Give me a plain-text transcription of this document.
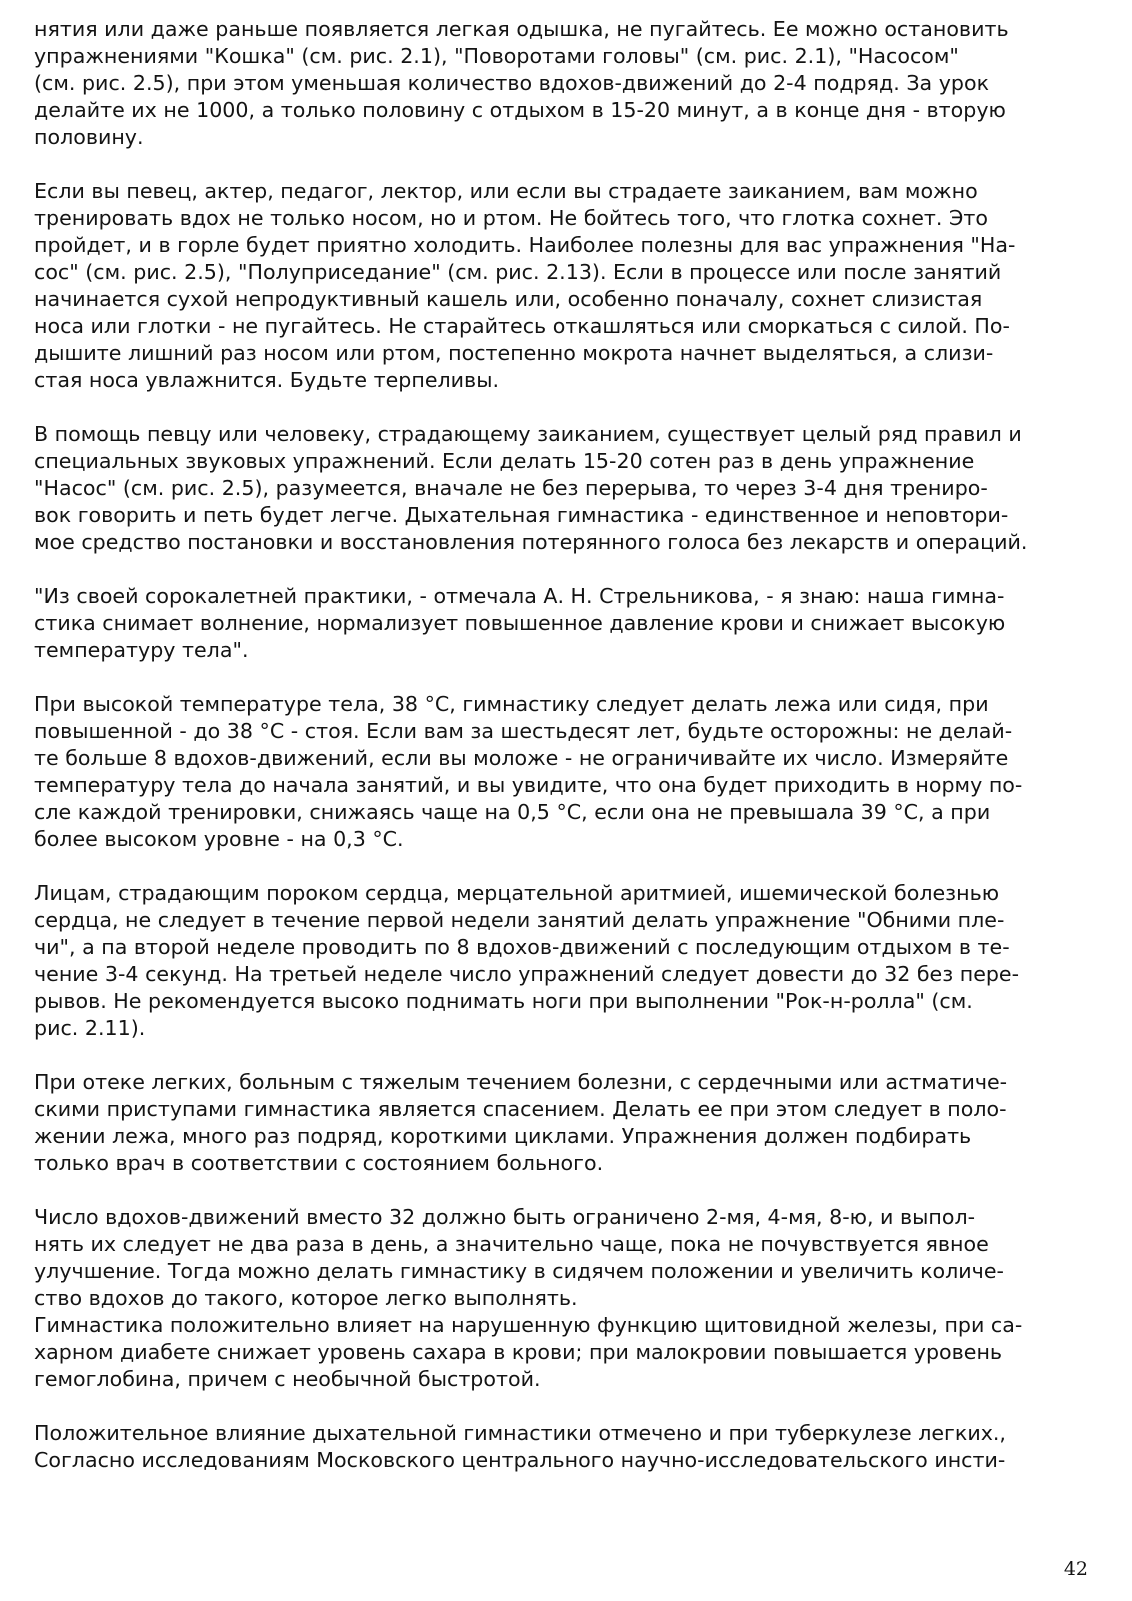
нятия или даже раньше появляется легкая одышка, не пугайтесь. Ее можно остановить
упражнениями "Кошка" (см. рис. 2.1), "Поворотами головы" (см. рис. 2.1), "Насосом"
(см. рис. 2.5), при этом уменьшая количество вдохов-движений до 2-4 подряд. За урок
делайте их не 1000, а только половину с отдыхом в 15-20 минут, а в конце дня - вторую
половину.
Если вы певец, актер, педагог, лектор, или если вы страдаете заиканием, вам можно
тренировать вдох не только носом, но и ртом. Не бойтесь того, что глотка сохнет. Это
пройдет, и в горле будет приятно холодить. Наиболее полезны для вас упражнения "На-
сос" (см. рис. 2.5), "Полуприседание" (см. рис. 2.13). Если в процессе или после занятий
начинается сухой непродуктивный кашель или, особенно поначалу, сохнет слизистая
носа или глотки - не пугайтесь. Не старайтесь откашляться или сморкаться с силой. По-
дышите лишний раз носом или ртом, постепенно мокрота начнет выделяться, а слизи-
стая носа увлажнится. Будьте терпеливы.
В помощь певцу или человеку, страдающему заиканием, существует целый ряд правил и
специальных звуковых упражнений. Если делать 15-20 сотен раз в день упражнение
"Насос" (см. рис. 2.5), разумеется, вначале не без перерыва, то через 3-4 дня трениро-
вок говорить и петь будет легче. Дыхательная гимнастика - единственное и неповтори-
мое средство постановки и восстановления потерянного голоса без лекарств и операций.
"Из своей сорокалетней практики, - отмечала А. Н. Стрельникова, - я знаю: наша гимна-
стика снимает волнение, нормализует повышенное давление крови и снижает высокую
температуру тела".
При высокой температуре тела, 38 °С, гимнастику следует делать лежа или сидя, при
повышенной - до 38 °С - стоя. Если вам за шестьдесят лет, будьте осторожны: не делай-
те больше 8 вдохов-движений, если вы моложе - не ограничивайте их число. Измеряйте
температуру тела до начала занятий, и вы увидите, что она будет приходить в норму по-
сле каждой тренировки, снижаясь чаще на 0,5 °С, если она не превышала 39 °С, а при
более высоком уровне - на 0,3 °С.
Лицам, страдающим пороком сердца, мерцательной аритмией, ишемической болезнью
сердца, не следует в течение первой недели занятий делать упражнение "Обними пле-
чи", а па второй неделе проводить по 8 вдохов-движений с последующим отдыхом в те-
чение 3-4 секунд. На третьей неделе число упражнений следует довести до 32 без пере-
рывов. Не рекомендуется высоко поднимать ноги при выполнении "Рок-н-ролла" (см.
рис. 2.11).
При отеке легких, больным с тяжелым течением болезни, с сердечными или астматиче-
скими приступами гимнастика является спасением. Делать ее при этом следует в поло-
жении лежа, много раз подряд, короткими циклами. Упражнения должен подбирать
только врач в соответствии с состоянием больного.
Число вдохов-движений вместо 32 должно быть ограничено 2-мя, 4-мя, 8-ю, и выпол-
нять их следует не два раза в день, а значительно чаще, пока не почувствуется явное
улучшение. Тогда можно делать гимнастику в сидячем положении и увеличить количе-
ство вдохов до такого, которое легко выполнять.
Гимнастика положительно влияет на нарушенную функцию щитовидной железы, при са-
харном диабете снижает уровень сахара в крови; при малокровии повышается уровень
гемоглобина, причем с необычной быстротой.
Положительное влияние дыхательной гимнастики отмечено и при туберкулезе легких.,
Согласно исследованиям Московского центрального научно-исследовательского инсти-
42
